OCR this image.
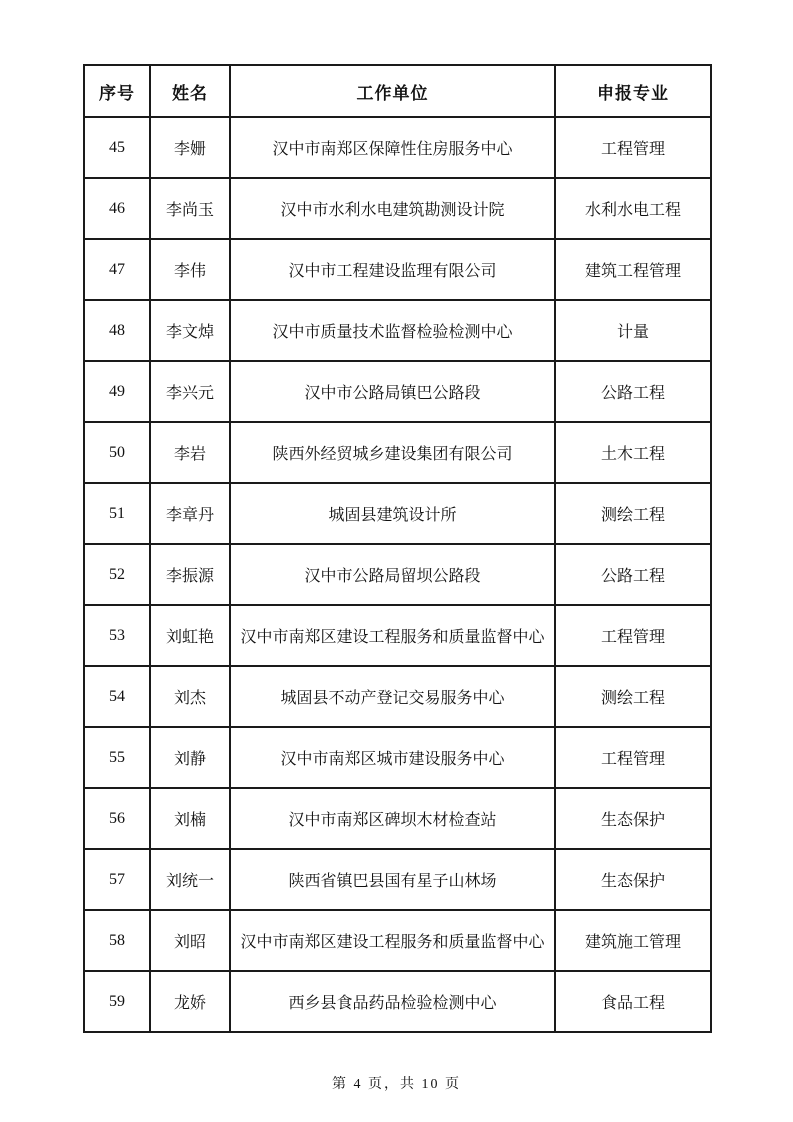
序号	姓名	工作单位	申报专业
45	李姗	汉中市南郑区保障性住房服务中心	工程管理
46	李尚玉	汉中市水利水电建筑勘测设计院	水利水电工程
47	李伟	汉中市工程建设监理有限公司	建筑工程管理
48	李文焯	汉中市质量技术监督检验检测中心	计量
49	李兴元	汉中市公路局镇巴公路段	公路工程
50	李岩	陕西外经贸城乡建设集团有限公司	土木工程
51	李章丹	城固县建筑设计所	测绘工程
52	李振源	汉中市公路局留坝公路段	公路工程
53	刘虹艳	汉中市南郑区建设工程服务和质量监督中心	工程管理
54	刘杰	城固县不动产登记交易服务中心	测绘工程
55	刘静	汉中市南郑区城市建设服务中心	工程管理
56	刘楠	汉中市南郑区碑坝木材检查站	生态保护
57	刘统一	陕西省镇巴县国有星子山林场	生态保护
58	刘昭	汉中市南郑区建设工程服务和质量监督中心	建筑施工管理
59	龙娇	西乡县食品药品检验检测中心	食品工程
第 4 页，共 10 页
